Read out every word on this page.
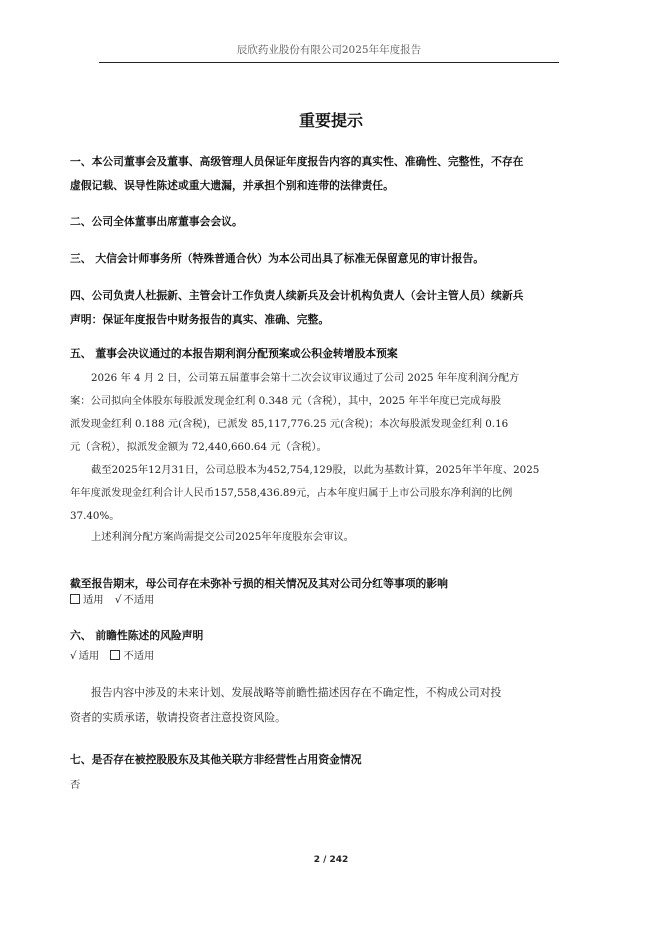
辰欣药业股份有限公司2025年年度报告
重要提示
一、本公司董事会及董事、高级管理人员保证年度报告内容的真实性、准确性、完整性，不存在
虚假记载、误导性陈述或重大遗漏，并承担个别和连带的法律责任。
二、公司全体董事出席董事会会议。
三、 大信会计师事务所（特殊普通合伙）为本公司出具了标准无保留意见的审计报告。
四、公司负责人杜振新、主管会计工作负责人续新兵及会计机构负责人（会计主管人员）续新兵
声明：保证年度报告中财务报告的真实、准确、完整。
五、 董事会决议通过的本报告期利润分配预案或公积金转增股本预案
2026 年 4 月 2 日，公司第五届董事会第十二次会议审议通过了公司 2025 年年度利润分配方
案：公司拟向全体股东每股派发现金红利 0.348 元（含税），其中，2025 年半年度已完成每股
派发现金红利 0.188 元(含税)，已派发 85,117,776.25 元(含税)；本次每股派发现金红利 0.16
元（含税），拟派发金额为 72,440,660.64 元（含税）。
截至2025年12月31日，公司总股本为452,754,129股，以此为基数计算，2025年半年度、2025
年年度派发现金红利合计人民币157,558,436.89元，占本年度归属于上市公司股东净利润的比例
37.40%。
上述利润分配方案尚需提交公司2025年年度股东会审议。
截至报告期末，母公司存在未弥补亏损的相关情况及其对公司分红等事项的影响
适用 √ 不适用
六、 前瞻性陈述的风险声明
√ 适用 不适用
报告内容中涉及的未来计划、发展战略等前瞻性描述因存在不确定性，不构成公司对投
资者的实质承诺，敬请投资者注意投资风险。
七、是否存在被控股股东及其他关联方非经营性占用资金情况
否
2 / 242
